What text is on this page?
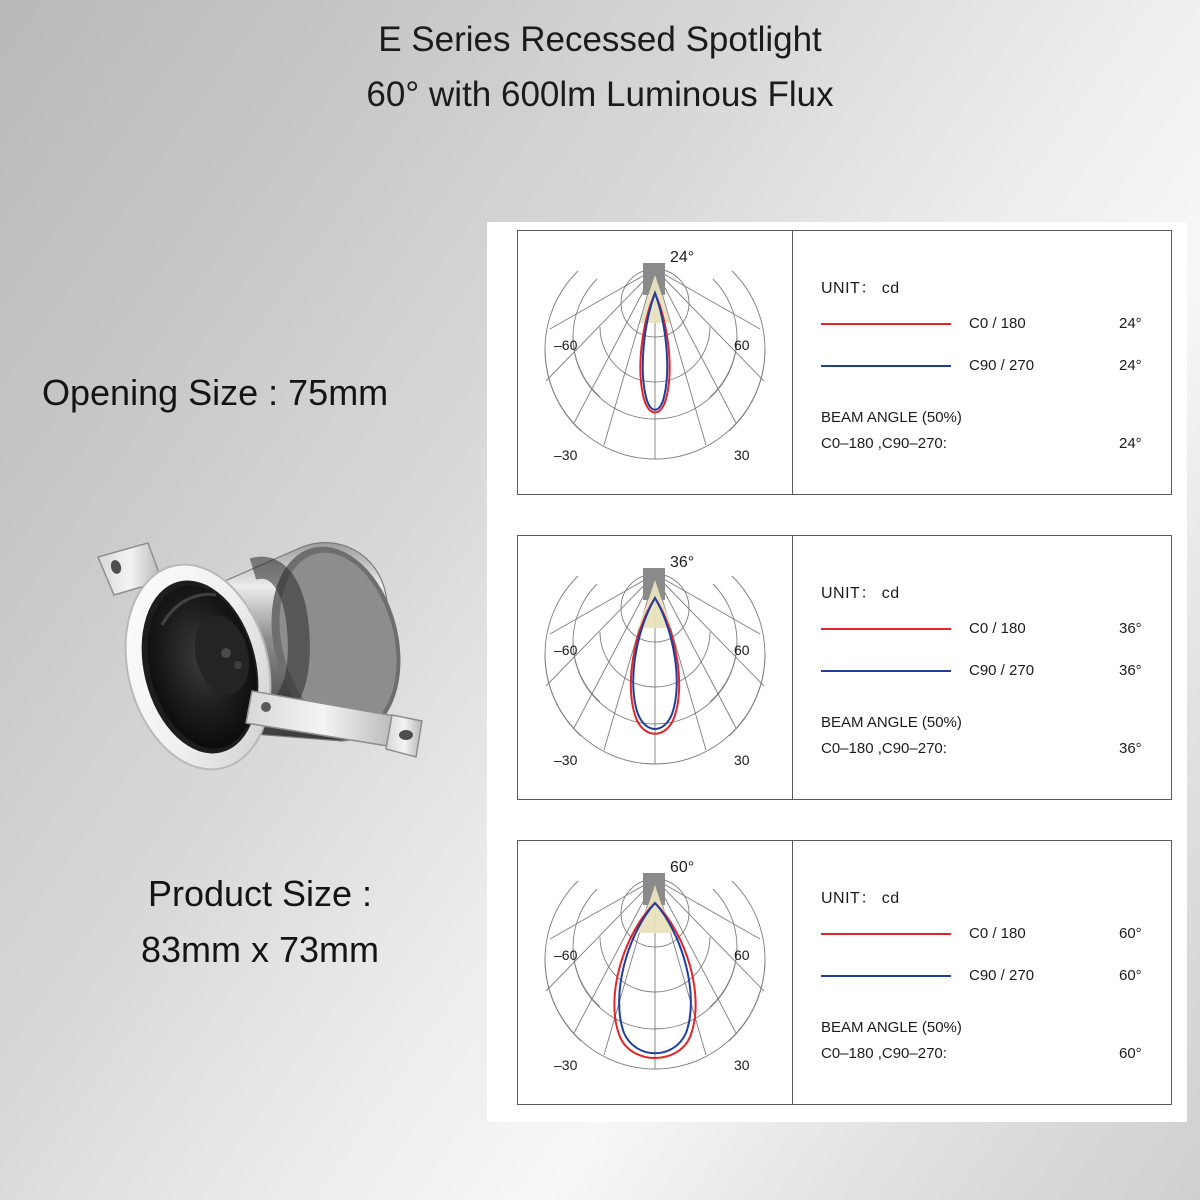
E Series Recessed Spotlight
60° with 600lm Luminous Flux
Opening Size : 75mm
Product Size :
83mm x 73mm
–60	60
–30	30
24°
UNIT： cd
C0 / 180	24°
C90 / 270	24°
BEAM ANGLE (50%)
C0–180 ,C90–270:	24°
–60	60
–30	30
36°
UNIT： cd
C0 / 180	36°
C90 / 270	36°
BEAM ANGLE (50%)
C0–180 ,C90–270:	36°
–60	60
–30	30
60°
UNIT： cd
C0 / 180	60°
C90 / 270	60°
BEAM ANGLE (50%)
C0–180 ,C90–270:	60°
